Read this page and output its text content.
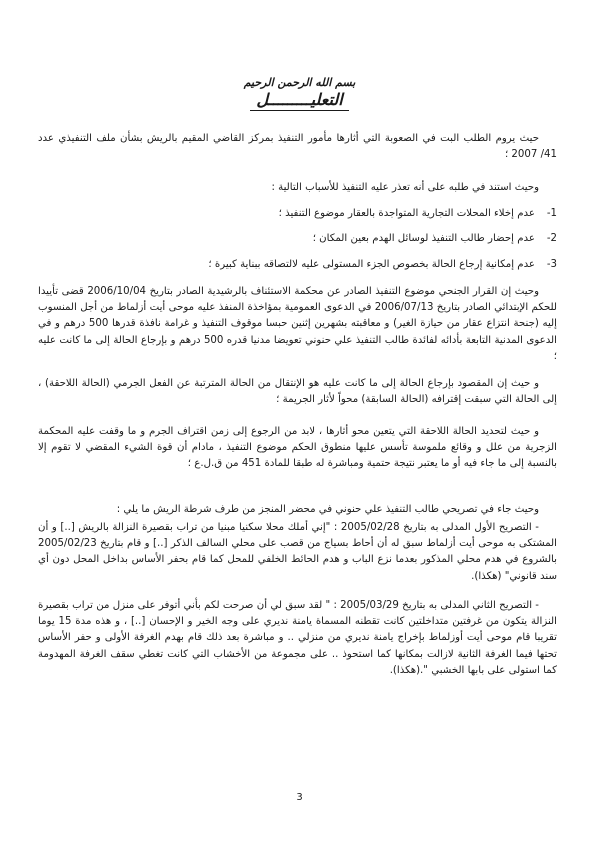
بسم الله الرحمن الرحيم
التعليـــــــــل

حيث يروم الطلب البت في الصعوبة التي أثارها مأمور التنفيذ بمركز القاضي المقيم بالريش بشأن ملف التنفيذي عدد 41/ 2007 ؛

وحيث استند في طلبه على أنه تعذر عليه التنفيذ للأسباب التالية :

1-عدم إخلاء المحلات التجارية المتواجدة بالعقار موضوع التنفيذ ؛

2-عدم إحضار طالب التنفيذ لوسائل الهدم بعين المكان ؛

3-عدم إمكانية إرجاع الحالة بخصوص الجزء المستولى عليه لالتصاقه ببناية كبيرة ؛

وحيث إن القرار الجنحي موضوع التنفيذ الصادر عن محكمة الاستئناف بالرشيدية الصادر بتاريخ 2006/10/04 قضى تأييدا للحكم الإبتدائي الصادر بتاريخ 2006/07/13 في الدعوى العمومية بمؤاخذة المنفذ عليه موحى أيت أزلماط من أجل المنسوب إليه (جنحة انتزاع عقار من حيازة الغير) و معاقبته بشهرين إثنين حبسا موقوف التنفيذ و غرامة نافذة قدرها 500 درهم و في الدعوى المدنية التابعة بأدائه لفائدة طالب التنفيذ علي حنوني تعويضا مدنيا قدره 500 درهم و بإرجاع الحالة إلى ما كانت عليه ؛

و حيث إن المقصود بإرجاع الحالة إلى ما كانت عليه هو الإنتقال من الحالة المترتبة عن الفعل الجرمي (الحالة اللاحقة) ، إلى الحالة التي سبقت إقترافه (الحالة السابقة) محواً لأثار الجريمة ؛

و حيث لتحديد الحالة اللاحقة التي يتعين محو أثارها ، لابد من الرجوع إلى زمن اقتراف الجرم و ما وقفت عليه المحكمة الزجرية من علل و وقائع ملموسة تأسس عليها منطوق الحكم موضوع التنفيذ ، مادام أن قوة الشيء المقضي لا تقوم إلا بالنسبة إلى ما جاء فيه أو ما يعتبر نتيجة حتمية ومباشرة له طبقا للمادة 451 من ق.ل.ع ؛

وحيث جاء في تصريحي طالب التنفيذ علي حنوني في محضر المنجز من طرف شرطة الريش ما يلي :

- التصريح الأول المدلى به بتاريخ 2005/02/28 : "إني أملك محلا سكنيا مبنيا من تراب بقصيرة النزالة بالريش [..] و أن المشتكى به موحى أيت أزلماط سبق له أن أحاط بسياج من قصب على محلي السالف الذكر [..] و قام بتاريخ 2005/02/23 بالشروع في هدم محلي المذكور بعدما نزع الباب و هدم الحائط الخلفي للمحل كما قام بحفر الأساس بداخل المحل دون أي سند قانوني" (هكذا).

- التصريح الثاني المدلى به بتاريخ 2005/03/29 : " لقد سبق لي أن صرحت لكم بأني أتوفر على منزل من تراب بقصيرة النزالة يتكون من غرفتين متداخلتين كانت تقطنه المسماة يامنة نديري على وجه الخير و الإحسان [..] ، و هذه مدة 15 يوما تقريبا قام موحى أيت أوزلماط بإخراج يامنة نديري من منزلي .. و مباشرة بعد ذلك قام بهدم الغرفة الأولى و حفر الأساس تحتها فيما الغرفة الثانية لازالت بمكانها كما استحوذ .. على مجموعة من الأخشاب التي كانت تغطي سقف الغرفة المهدومة كما استولى على بابها الخشبي ".(هكذا).

3
